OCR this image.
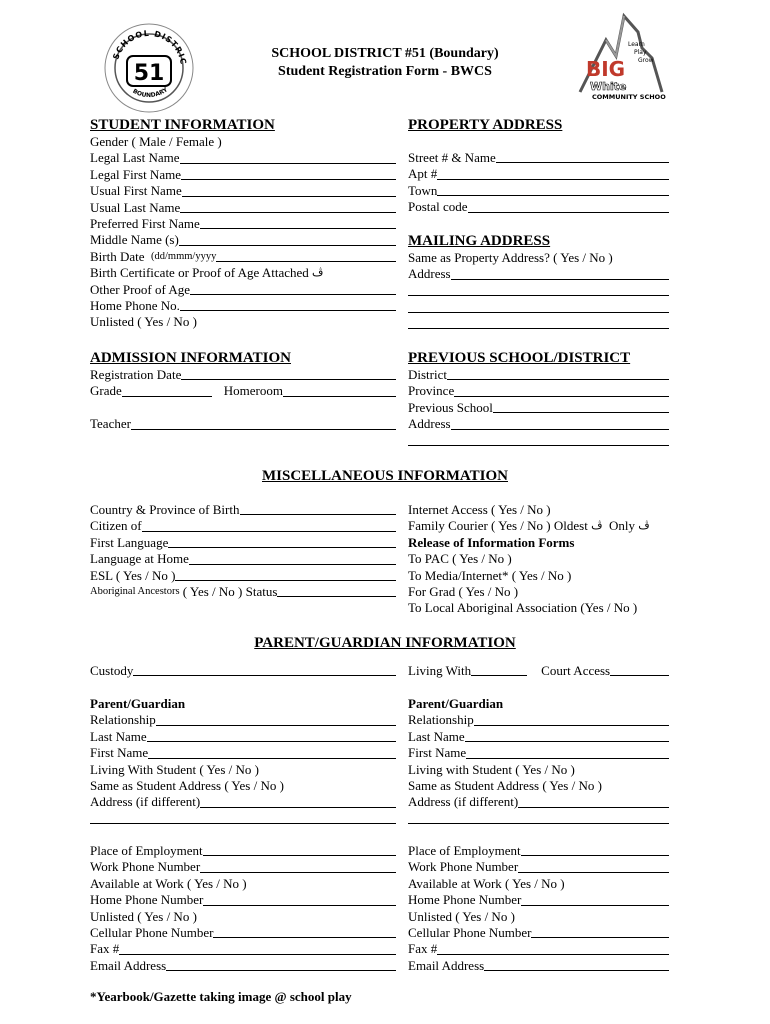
SCHOOL DISTRIC
51
BOUNDARY
BIG
White
Learn
Play
Grow
COMMUNITY SCHOOL
SCHOOL DISTRICT #51 (Boundary)
Student Registration Form - BWCS
STUDENT INFORMATION
Gender ( Male / Female )
Legal Last Name
Legal First Name
Usual First Name
Usual Last Name
Preferred First Name
Middle Name (s)
Birth Date
(dd/mmm/yyyy
Birth Certificate or Proof of Age Attached
ڤ
Other Proof of Age
Home Phone No.
Unlisted ( Yes / No )
PROPERTY ADDRESS
Street # & Name
Apt #
Town
Postal code
MAILING ADDRESS
Same as Property Address? ( Yes / No )
Address
ADMISSION INFORMATION
Registration Date
Grade	Homeroom
Teacher
PREVIOUS SCHOOL/DISTRICT
District
Province
Previous School
Address
MISCELLANEOUS INFORMATION
Country & Province of Birth
Citizen of
First Language
Language at Home
ESL ( Yes / No )
Aboriginal Ancestors
( Yes / No ) Status
Internet Access ( Yes / No )
Family Courier ( Yes / No ) Oldest
ڤ
Only
ڤ
Release of Information Forms
To PAC ( Yes / No )
To Media/Internet* ( Yes / No )
For Grad ( Yes / No )
To Local Aboriginal Association (Yes / No )
PARENT/GUARDIAN INFORMATION
Custody	Living With	Court Access
Parent/Guardian
Relationship
Last Name
First Name
Living With Student ( Yes / No )
Same as Student Address ( Yes / No )
Address (if different)
Parent/Guardian
Relationship
Last Name
First Name
Living with Student ( Yes / No )
Same as Student Address ( Yes / No )
Address (if different)
Place of Employment
Work Phone Number
Available at Work ( Yes / No )
Home Phone Number
Unlisted ( Yes / No )
Cellular Phone Number
Fax #
Email Address
Place of Employment
Work Phone Number
Available at Work ( Yes / No )
Home Phone Number
Unlisted ( Yes / No )
Cellular Phone Number
Fax #
Email Address
*Yearbook/Gazette taking image @ school play
